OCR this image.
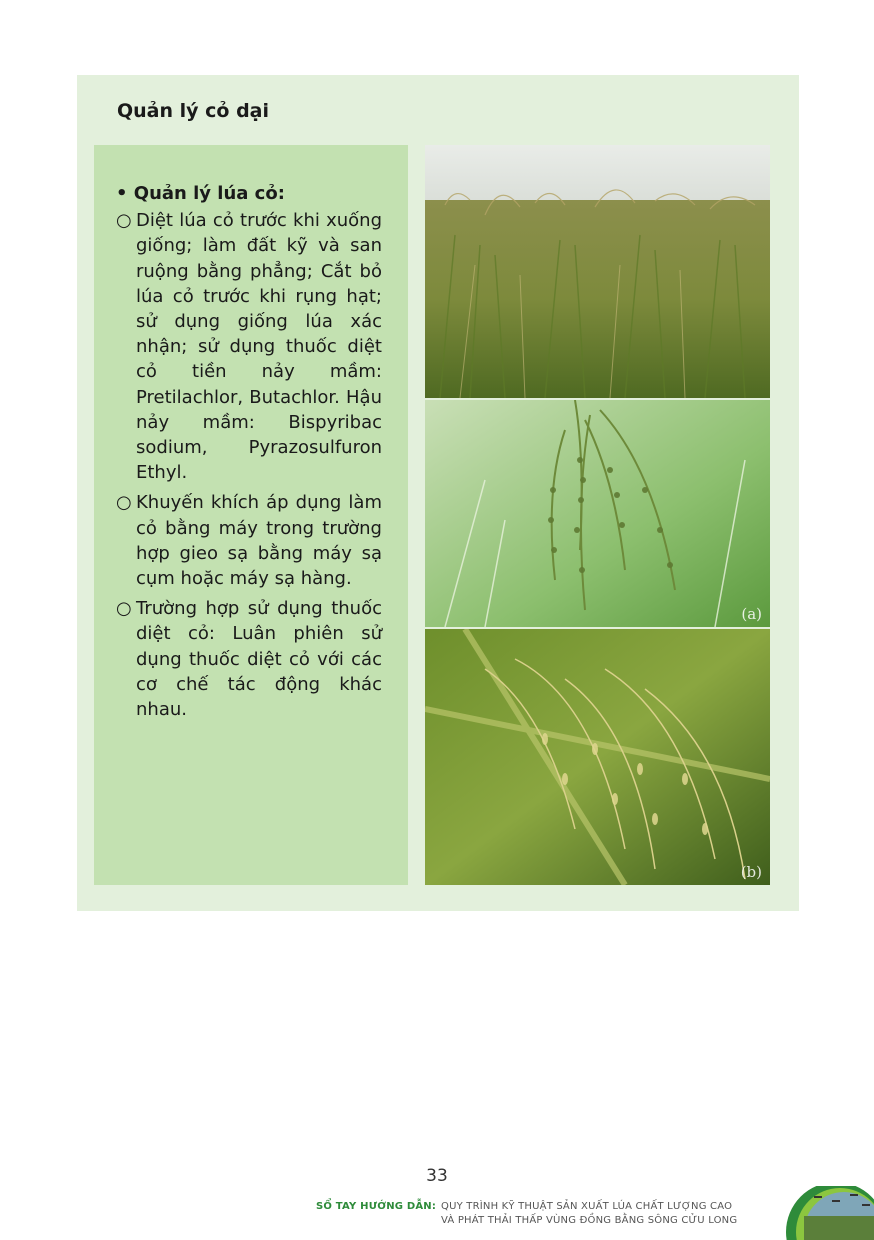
Quản lý cỏ dại
• Quản lý lúa cỏ:
○ Diệt lúa cỏ trước khi xuống giống; làm đất kỹ và san ruộng bằng phẳng; Cắt bỏ lúa cỏ trước khi rụng hạt; sử dụng giống lúa xác nhận; sử dụng thuốc diệt cỏ tiền nảy mầm: Pretilachlor, Butachlor. Hậu nảy mầm: Bispyribac sodium, Pyrazosulfuron Ethyl.
○ Khuyến khích áp dụng làm cỏ bằng máy trong trường hợp gieo sạ bằng máy sạ cụm hoặc máy sạ hàng.
○ Trường hợp sử dụng thuốc diệt cỏ: Luân phiên sử dụng thuốc diệt cỏ với các cơ chế tác động khác nhau.
(a)
(b)
33
SỔ TAY HƯỚNG DẪN: QUY TRÌNH KỸ THUẬT SẢN XUẤT LÚA CHẤT LƯỢNG CAO
VÀ PHÁT THẢI THẤP VÙNG ĐỒNG BẰNG SÔNG CỬU LONG
